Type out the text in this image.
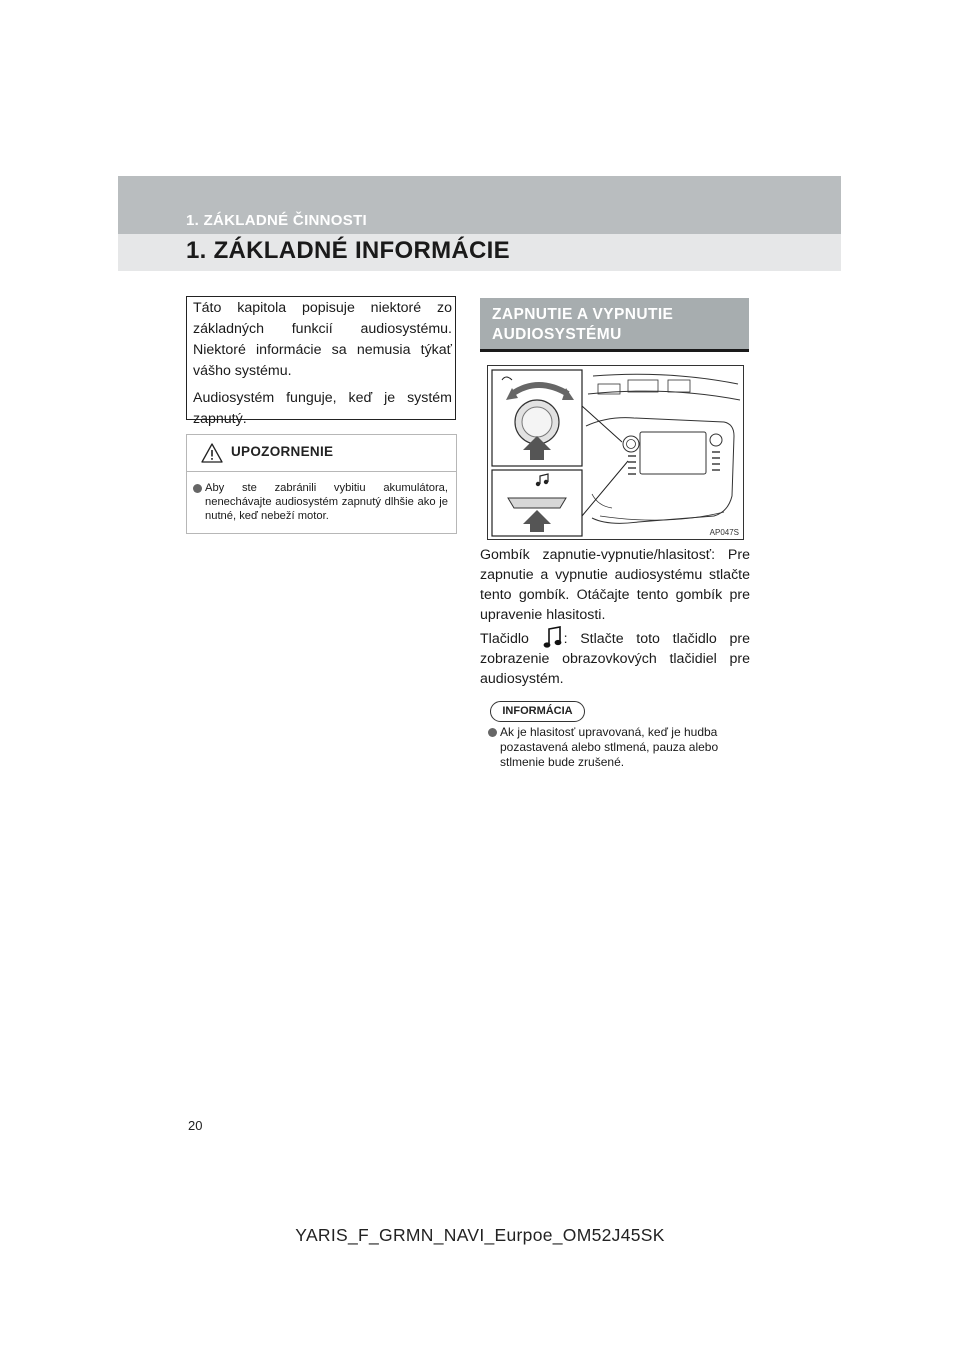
1. ZÁKLADNÉ ČINNOSTI
1. ZÁKLADNÉ INFORMÁCIE

Táto kapitola popisuje niektoré zo základných funkcií audiosystému. Niektoré informácie sa nemusia týkať vášho systému.

Audiosystém funguje, keď je systém zapnutý.

UPOZORNENIE
Aby ste zabránili vybitiu akumulátora, nenechávajte audiosystém zapnutý dlhšie ako je nutné, keď nebeží motor.
ZAPNUTIE A VYPNUTIE
AUDIOSYSTÉMU
AP047S

Gombík zapnutie-vypnutie/hlasitosť: Pre zapnutie a vypnutie audiosystému stlačte tento gombík. Otáčajte tento gombík pre upravenie hlasitosti.

Tlačidlo : Stlačte toto tlačidlo pre zobrazenie obrazovkových tlačidiel pre audiosystém.

INFORMÁCIA
Ak je hlasitosť upravovaná, keď je hudba pozastavená alebo stlmená, pauza alebo stlmenie bude zrušené.
20
YARIS_F_GRMN_NAVI_Eurpoe_OM52J45SK
